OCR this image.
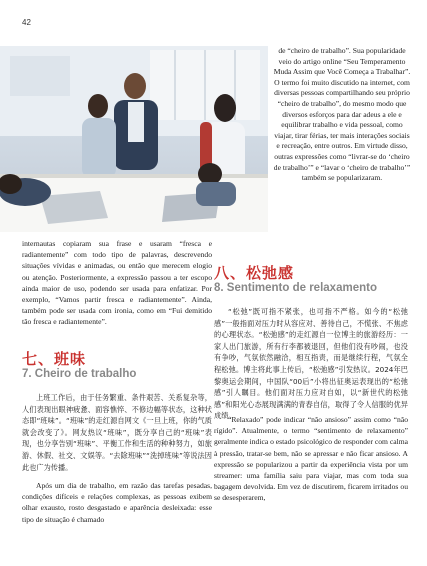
42

de “cheiro de trabalho”. Sua popularidade veio do artigo online “Seu Temperamento Muda Assim que Você Começa a Trabalhar”. O termo foi muito discutido na internet, com diversas pessoas compartilhando seu próprio “cheiro de trabalho”, do mesmo modo que diversos esforços para dar adeus a ele e equilibrar trabalho e vida pessoal, como viajar, tirar férias, ter mais interações sociais e recreação, entre outros. Em virtude disso, outras expressões como “livrar-se do ‘cheiro de trabalho’” e “lavar o ‘cheiro de trabalho’” também se popularizaram.

internautas copiaram sua frase e usaram “fresca e radiantemente” com todo tipo de palavras, descrevendo situações vívidas e animadas, ou então que merecem elogio ou atenção. Posteriormente, a expressão passou a ter escopo ainda maior de uso, podendo ser usada para enfatizar. Por exemplo, “Vamos partir fresca e radiantemente”. Ainda, também pode ser usada com ironia, como em “Fui demitido tão fresca e radiantemente”.

七、班味
7. Cheiro de trabalho
上班工作后，由于任务繁重、条件艰苦、关系复杂等，人们表现出眼神疲惫、面容憔悴、不修边幅等状态，这种状态即“班味”。“班味”的走红源自网文《一旦上班，你的气质就会改变了》。网友热议“班味”，既分享自己的“班味”表现，也分享告别“班味”、平衡工作和生活的种种努力，如旅游、休假、社交、文娱等。“去除班味”“洗掉班味”等说法因此也广为传播。
Após um dia de trabalho, em razão das tarefas pesadas, condições difíceis e relações complexas, as pessoas exibem olhar exausto, rosto desgastado e aparência desleixada: esse tipo de situação é chamado
八、松弛感
8. Sentimento de relaxamento
“松弛”既可指不紧张，也可指不严格。如今的“松弛感”一般指面对压力时从容应对、善待自己，不慌张、不焦虑的心理状态。“松弛感”的走红源自一位博主的旅游经历：一家人出门旅游，所有行李都被退回，但他们没有吵闹，也没有争吵，气氛依然融洽，相互指责，而是继续行程，气氛全程松弛。博主将此事上传后，“松弛感”引发热议。2024年巴黎奥运会期间，中国队“00后”小将出征奥运表现出的“松弛感”引人瞩目。他们面对压力应对自如，以“新世代的松弛感”和阳光心态展现满满的青春自信，取得了令人信服的优异成绩。
“Relaxado” pode indicar “não ansioso” assim como “não rígido”. Atualmente, o termo “sentimento de relaxamento” geralmente indica o estado psicológico de responder com calma à pressão, tratar-se bem, não se apressar e não ficar ansioso. A expressão se popularizou a partir da experiência vista por um streamer: uma família saiu para viajar, mas com toda sua bagagem devolvida. Em vez de discutirem, ficarem irritados ou se desesperarem,
